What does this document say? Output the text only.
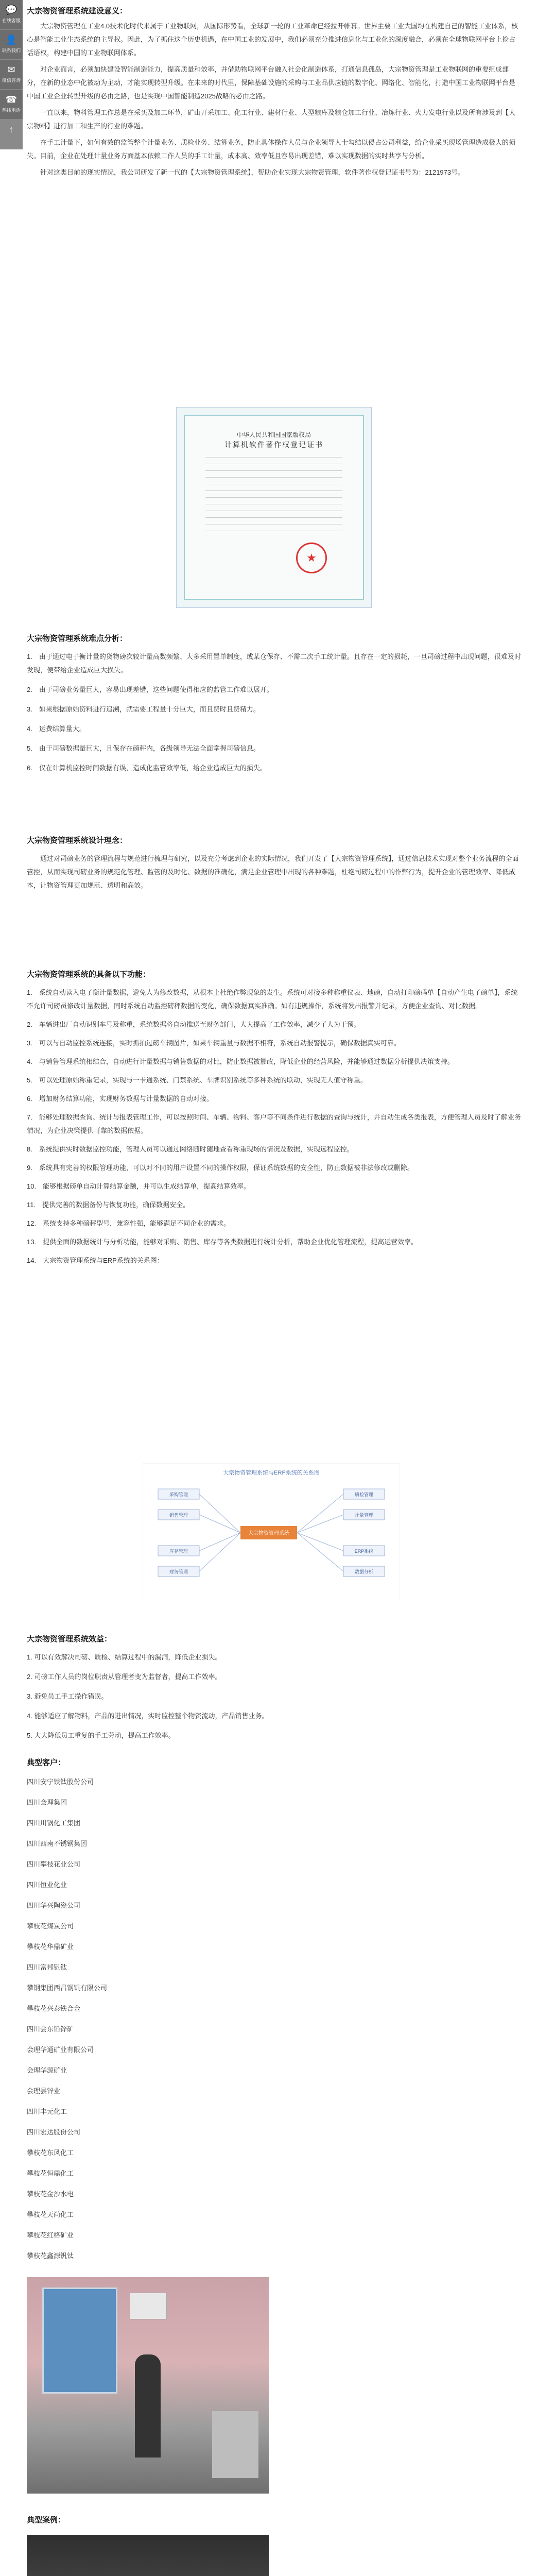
💬
在线客服
👤
联系我们
✉
微信咨询
☎
热线电话
↑
大宗物资管理系统建设意义：

大宗物资管理在工业4.0技术化时代来属于工业物联网，从国际形势看，全球新一轮的工业革命已经拉开帷幕。世界主要工业大国均在构建自己的智能工业体系，核心是智能工业生态系统的主导权。因此，为了抓住这个历史机遇，在中国工业的发展中，我们必须充分推进信息化与工业化的深度融合，必须在全球物联网平台上抢占话语权，构建中国的工业物联网体系。

对企业而言，必须加快建设智能制造能力，提高质量和效率，并借助物联网平台融入社会化制造体系，打通信息孤岛，大宗物资管理是工业物联网的重要组成部分，在新的业态中化被动为主动，才能实现转型升级。在未来的时代里，保障基础设施的采购与工业品供应链的数字化、网络化、智能化，打造中国工业物联网平台是中国工业企业转型升级的必由之路，也是实现中国智能制造2025战略的必由之路。

一直以来，物料管理工作总是在采买及加工环节，矿山开采加工、化工行业、建材行业、大型粮库及粮仓加工行业、冶炼行业、火力发电行业以及所有涉及到【大宗物料】进行加工和生产的行业的难题。

在手工计量下，如何有效的监管整个计量业务、质检业务、结算业务，防止具体操作人员与企业领导人士勾结以侵占公司利益，给企业采买现场管理造成极大的损失。目前，企业在处理计量业务方面基本依赖工作人员的手工计量，成本高、效率低且容易出现差错，难以实现数据的实时共享与分析。

针对这类目前的现实情况，我公司研发了新一代的【大宗物资管理系统】，帮助企业实现大宗物资管理，软件著作权登记证书号为：2121973号。

中华人民共和国国家版权局
计算机软件著作权登记证书
★
大宗物资管理系统难点分析：

1.　由于通过电子衡计量的货物磅次较计量高数频繁、大多采用置单制度，或某仓保存、不需二次手工统计量。且存在一定的损耗，一旦司磅过程中出现问题，很难及时发现，便带给企业造成巨大损失。

2.　由于司磅业务量巨大，容易出现差错，这些问题使得相应的监管工作难以展开。

3.　如果根据原始资料进行追溯，就需要工程量十分巨大，而且费时且费精力。

4.　运费结算量大。

5.　由于司磅数据量巨大，且保存在磅秤内，各级领导无法全面掌握司磅信息。

6.　仅在计算机监控时间数据有误，造成化监管效率低，给企业造成巨大的损失。

大宗物资管理系统设计理念：

通过对司磅业务的管理流程与规范进行梳理与研究，以及充分考虑到企业的实际情况，我们开发了【大宗物资管理系统】，通过信息技术实现对整个业务流程的全面管控，从而实现司磅业务的规范化管理、监管的及时化、数据的准确化，满足企业管理中出现的各种难题，杜绝司磅过程中的作弊行为，提升企业的管理效率、降低成本，让物资管理更加规范、透明和高效。

大宗物资管理系统的具备以下功能：

1.　系统自动读入电子衡计量数据，避免人为修改数据，从根本上杜绝作弊现象的发生。系统可对接多种称重仪表、地磅，自动打印磅码单【自动产生电子磅单】，系统不允许司磅员修改计量数据，同时系统自动监控磅秤数据的变化，确保数据真实准确。如有违规操作，系统将发出报警并记录，方便企业查询、对比数据。

2.　车辆进出厂自动识别车号及称重，系统数据将自动推送至财务部门，大大提高了工作效率，减少了人为干预。

3.　可以与自动监控系统连接，实时抓拍过磅车辆图片，如果车辆重量与数据不相符，系统自动报警提示，确保数据真实可靠。

4.　与销售管理系统相结合，自动进行计量数据与销售数据的对比，防止数据被篡改，降低企业的经营风险，并能够通过数据分析提供决策支持。

5.　可以处理原始称重记录，实现与一卡通系统、门禁系统、车牌识别系统等多种系统的联动，实现无人值守称重。

6.　增加财务结算功能，实现财务数据与计量数据的自动对接。

7.　能够处理数据查询、统计与报表管理工作，可以按照时间、车辆、物料、客户等不同条件进行数据的查询与统计，并自动生成各类报表，方便管理人员及时了解业务情况，为企业决策提供可靠的数据依据。

8.　系统提供实时数据监控功能，管理人员可以通过网络随时随地查看称重现场的情况及数据，实现远程监控。

9.　系统具有完善的权限管理功能，可以对不同的用户设置不同的操作权限，保证系统数据的安全性，防止数据被非法修改或删除。

10.　能够根据磅单自动计算结算金额，并可以生成结算单，提高结算效率。

11.　提供完善的数据备份与恢复功能，确保数据安全。

12.　系统支持多种磅秤型号，兼容性强，能够满足不同企业的需求。

13.　提供全面的数据统计与分析功能，能够对采购、销售、库存等各类数据进行统计分析，帮助企业优化管理流程，提高运营效率。

14.　大宗物资管理系统与ERP系统的关系图：

大宗物资管理系统与ERP系统的关系图
大宗物资管理系统
采购管理
销售管理
库存管理
财务管理
质检管理
计量管理
ERP系统
数据分析
大宗物资管理系统效益：

1. 可以有效解决司磅、质检、结算过程中的漏洞，降低企业损失。

2. 司磅工作人员的岗位职责从管理者变为监督者，提高工作效率。

3. 避免员工手工操作错误。

4. 能够适应了解物料，产品的进出情况，实时监控整个物资流动，产品销售业务。

5. 大大降低员工重复的手工劳动，提高工作效率。

典型客户：

四川安宁铁钛股份公司

四川会理集团

四川川锅化工集团

四川西南不锈钢集团

四川攀枝花业公司

四川恒业化业

四川华兴陶瓷公司

攀枝花煤炭公司

攀枝花华鼎矿业

四川富邦钒钛

攀钢集团西昌钢钒有限公司

攀枝花兴泰铁合金

四川会东铅锌矿

会理华通矿业有限公司

会理华源矿业

会理县锌业

四川丰元化工

四川宏达股份公司

攀枝花东风化工

攀枝花恒鼎化工

攀枝花金沙水电

攀枝花天尚化工

攀枝花红格矿业

攀枝花鑫源钒钛

典型案例：
